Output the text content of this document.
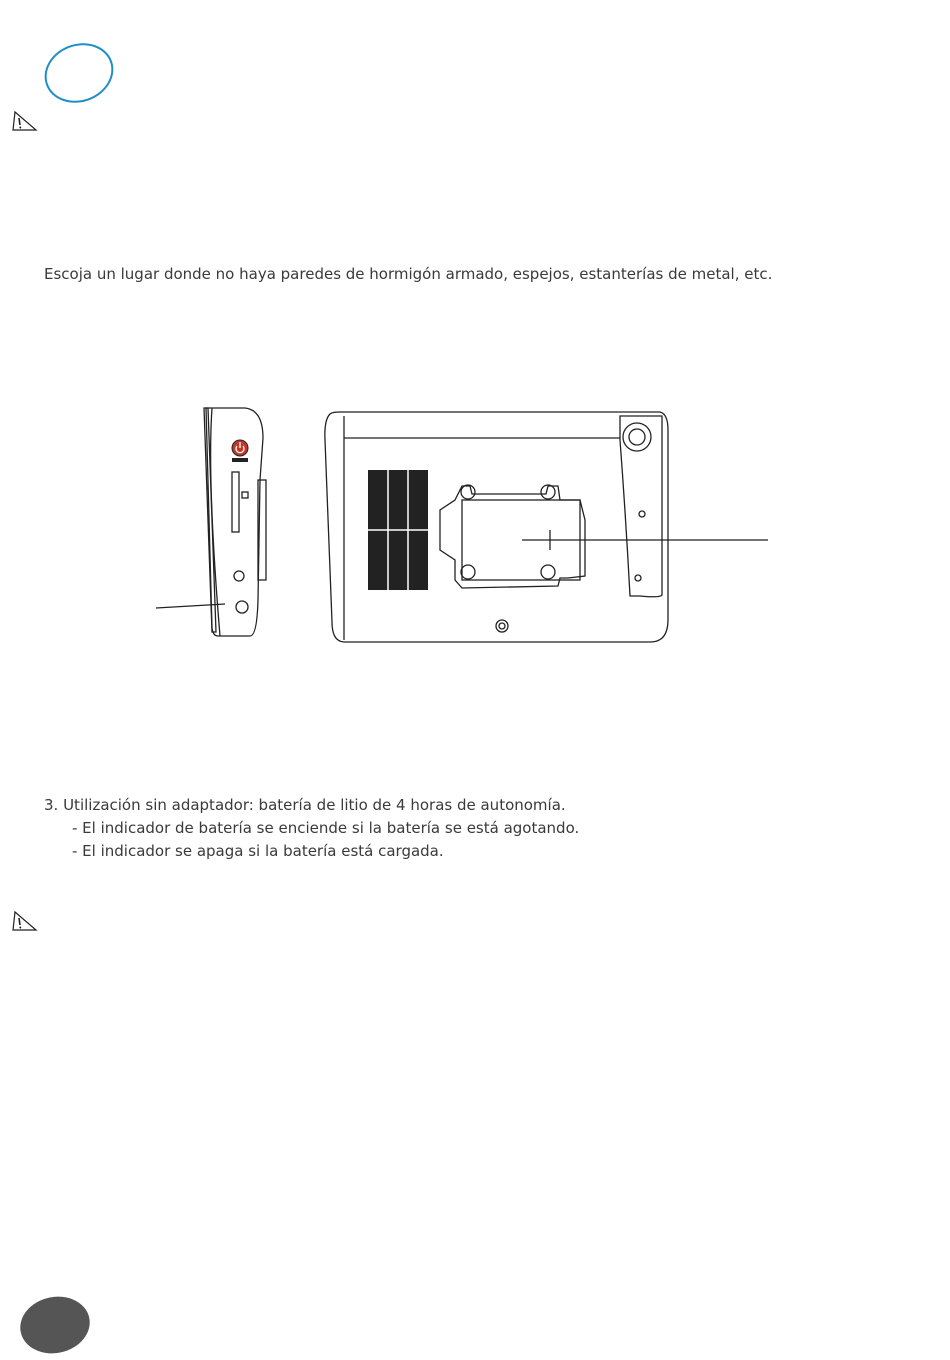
Escoja un lugar donde no haya paredes de hormigón armado, espejos, estanterías de metal, etc.
3. Utilización sin adaptador: batería de litio de 4 horas de autonomía.
- El indicador de batería se enciende si la batería se está agotando.
- El indicador se apaga si la batería está cargada.
